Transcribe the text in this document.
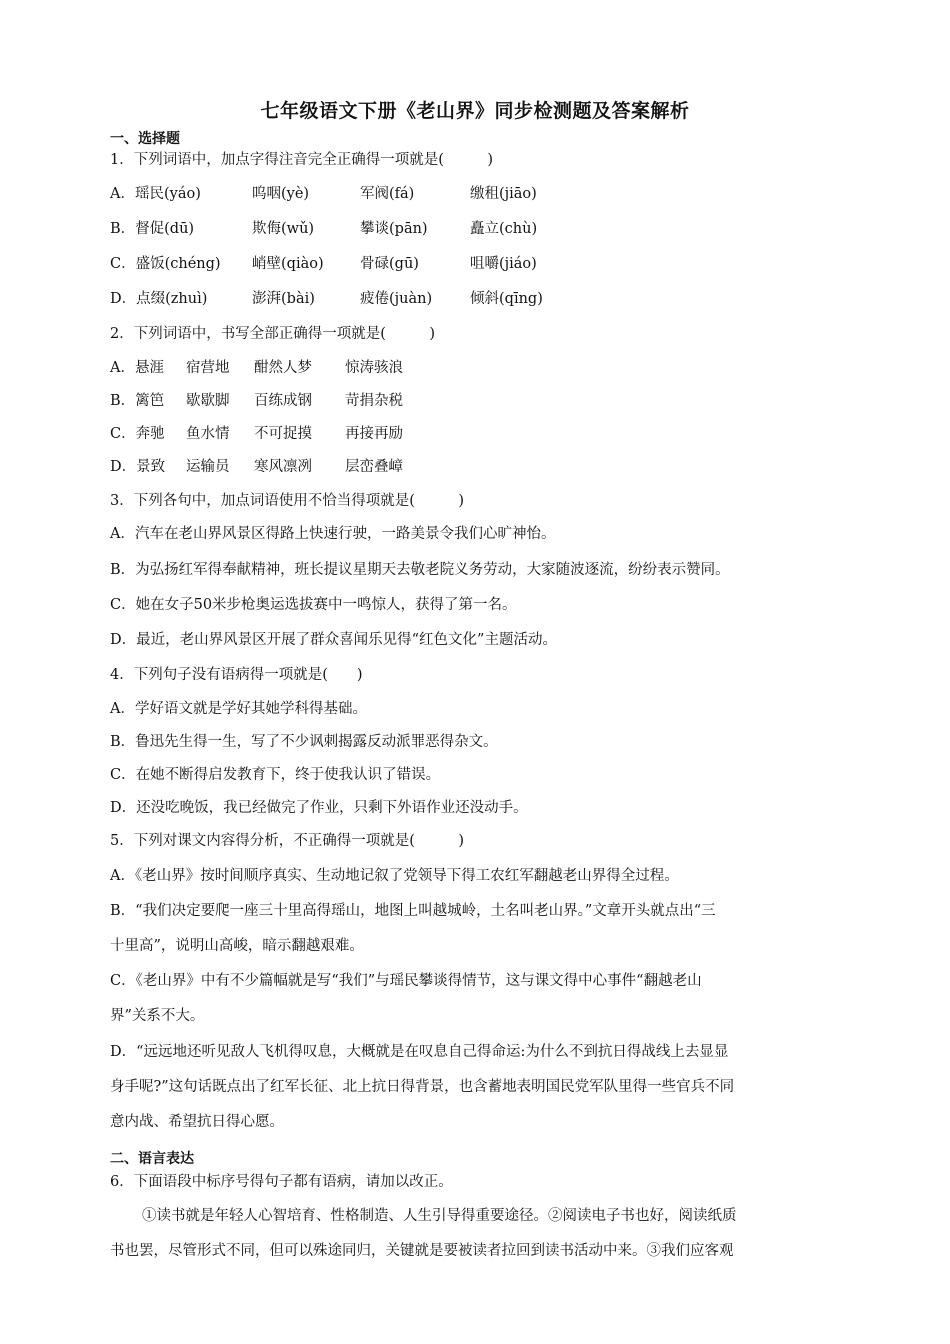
七年级语文下册《老山界》同步检测题及答案解析
一、选择题
1．下列词语中，加点字得注音完全正确得一项就是(　　　)
A．瑶民(yáo)	呜咽(yè)	军阀(fá)	缴租(jiāo)
B．督促(dū)	欺侮(wǔ)	攀谈(pān)	矗立(chù)
C．盛饭(chéng) 峭壁(qiào)	骨碌(gū)	咀嚼(jiáo)
D．点缀(zhuì)	澎湃(bài)	疲倦(juàn)	倾斜(qīng)
2．下列词语中，书写全部正确得一项就是(　　　)
A．悬涯 宿营地 酣然人梦 惊涛骇浪
B．篱笆 歇歇脚 百练成钢 苛捐杂税
C．奔驰 鱼水情 不可捉摸 再接再励
D．景致 运输员 寒风凛冽 层峦叠嶂
3．下列各句中，加点词语使用不恰当得项就是(　　　)
A．汽车在老山界风景区得路上快速行驶，一路美景令我们心旷神怡。
B．为弘扬红军得奉献精神，班长提议星期天去敬老院义务劳动，大家随波逐流，纷纷表示赞同。
C．她在女子50米步枪奥运选拔赛中一鸣惊人，获得了第一名。
D．最近，老山界风景区开展了群众喜闻乐见得“红色文化”主题活动。
4．下列句子没有语病得一项就是(　　)
A．学好语文就是学好其她学科得基础。
B．鲁迅先生得一生，写了不少讽刺揭露反动派罪恶得杂文。
C．在她不断得启发教育下，终于使我认识了错误。
D．还没吃晚饭，我已经做完了作业，只剩下外语作业还没动手。
5．下列对课文内容得分析，不正确得一项就是(　　　)
A．《老山界》按时间顺序真实、生动地记叙了党领导下得工农红军翻越老山界得全过程。
B．“我们决定要爬一座三十里高得瑶山，地图上叫越城岭，土名叫老山界。”文章开头就点出“三
十里高”，说明山高峻，暗示翻越艰难。
C．《老山界》中有不少篇幅就是写“我们”与瑶民攀谈得情节，这与课文得中心事件“翻越老山
界”关系不大。
D．“远远地还听见敌人飞机得叹息，大概就是在叹息自己得命运:为什么不到抗日得战线上去显显
身手呢?”这句话既点出了红军长征、北上抗日得背景，也含蓄地表明国民党军队里得一些官兵不同
意内战、希望抗日得心愿。
二、语言表达
6．下面语段中标序号得句子都有语病，请加以改正。
①读书就是年轻人心智培育、性格制造、人生引导得重要途径。②阅读电子书也好，阅读纸质
书也罢，尽管形式不同，但可以殊途同归，关键就是要被读者拉回到读书活动中来。③我们应客观
